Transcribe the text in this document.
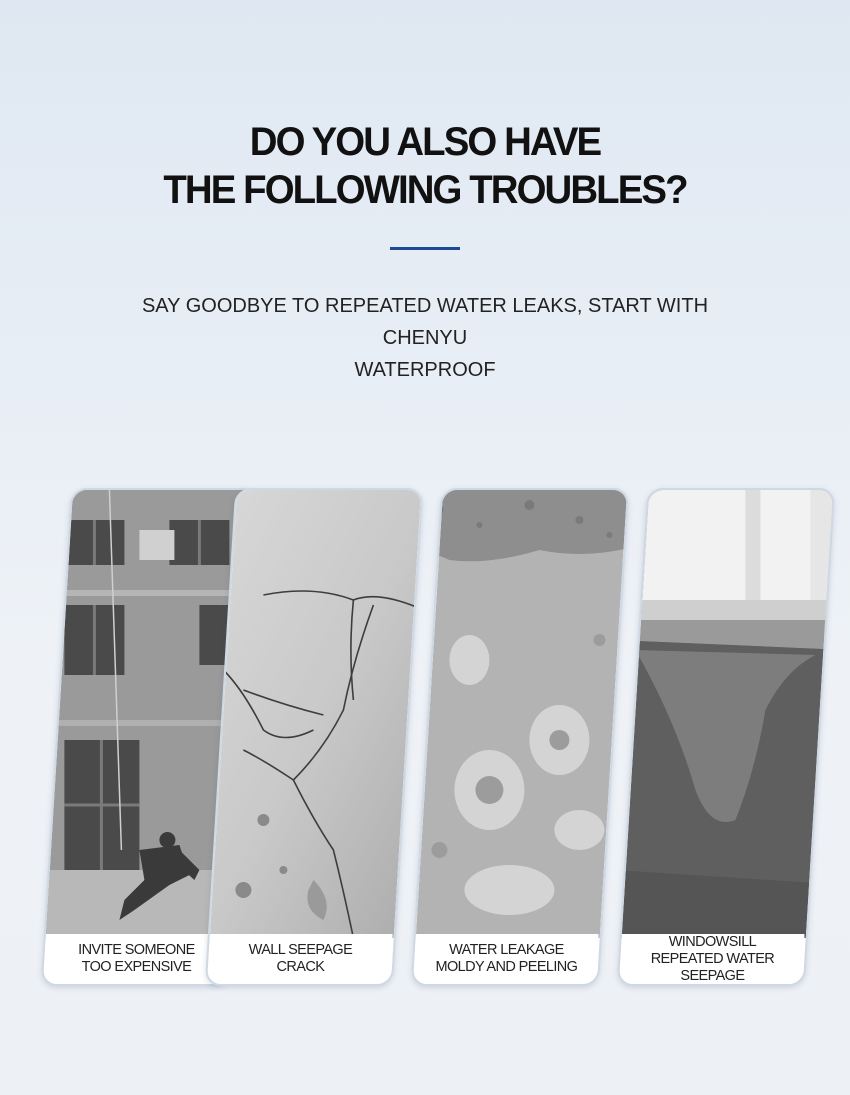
DO YOU ALSO HAVE
THE FOLLOWING TROUBLES?
SAY GOODBYE TO REPEATED WATER LEAKS, START WITH CHENYU
WATERPROOF
INVITE SOMEONE
TOO EXPENSIVE
WALL SEEPAGE
CRACK
WATER LEAKAGE
MOLDY AND PEELING
WINDOWSILL
REPEATED WATER SEEPAGE
